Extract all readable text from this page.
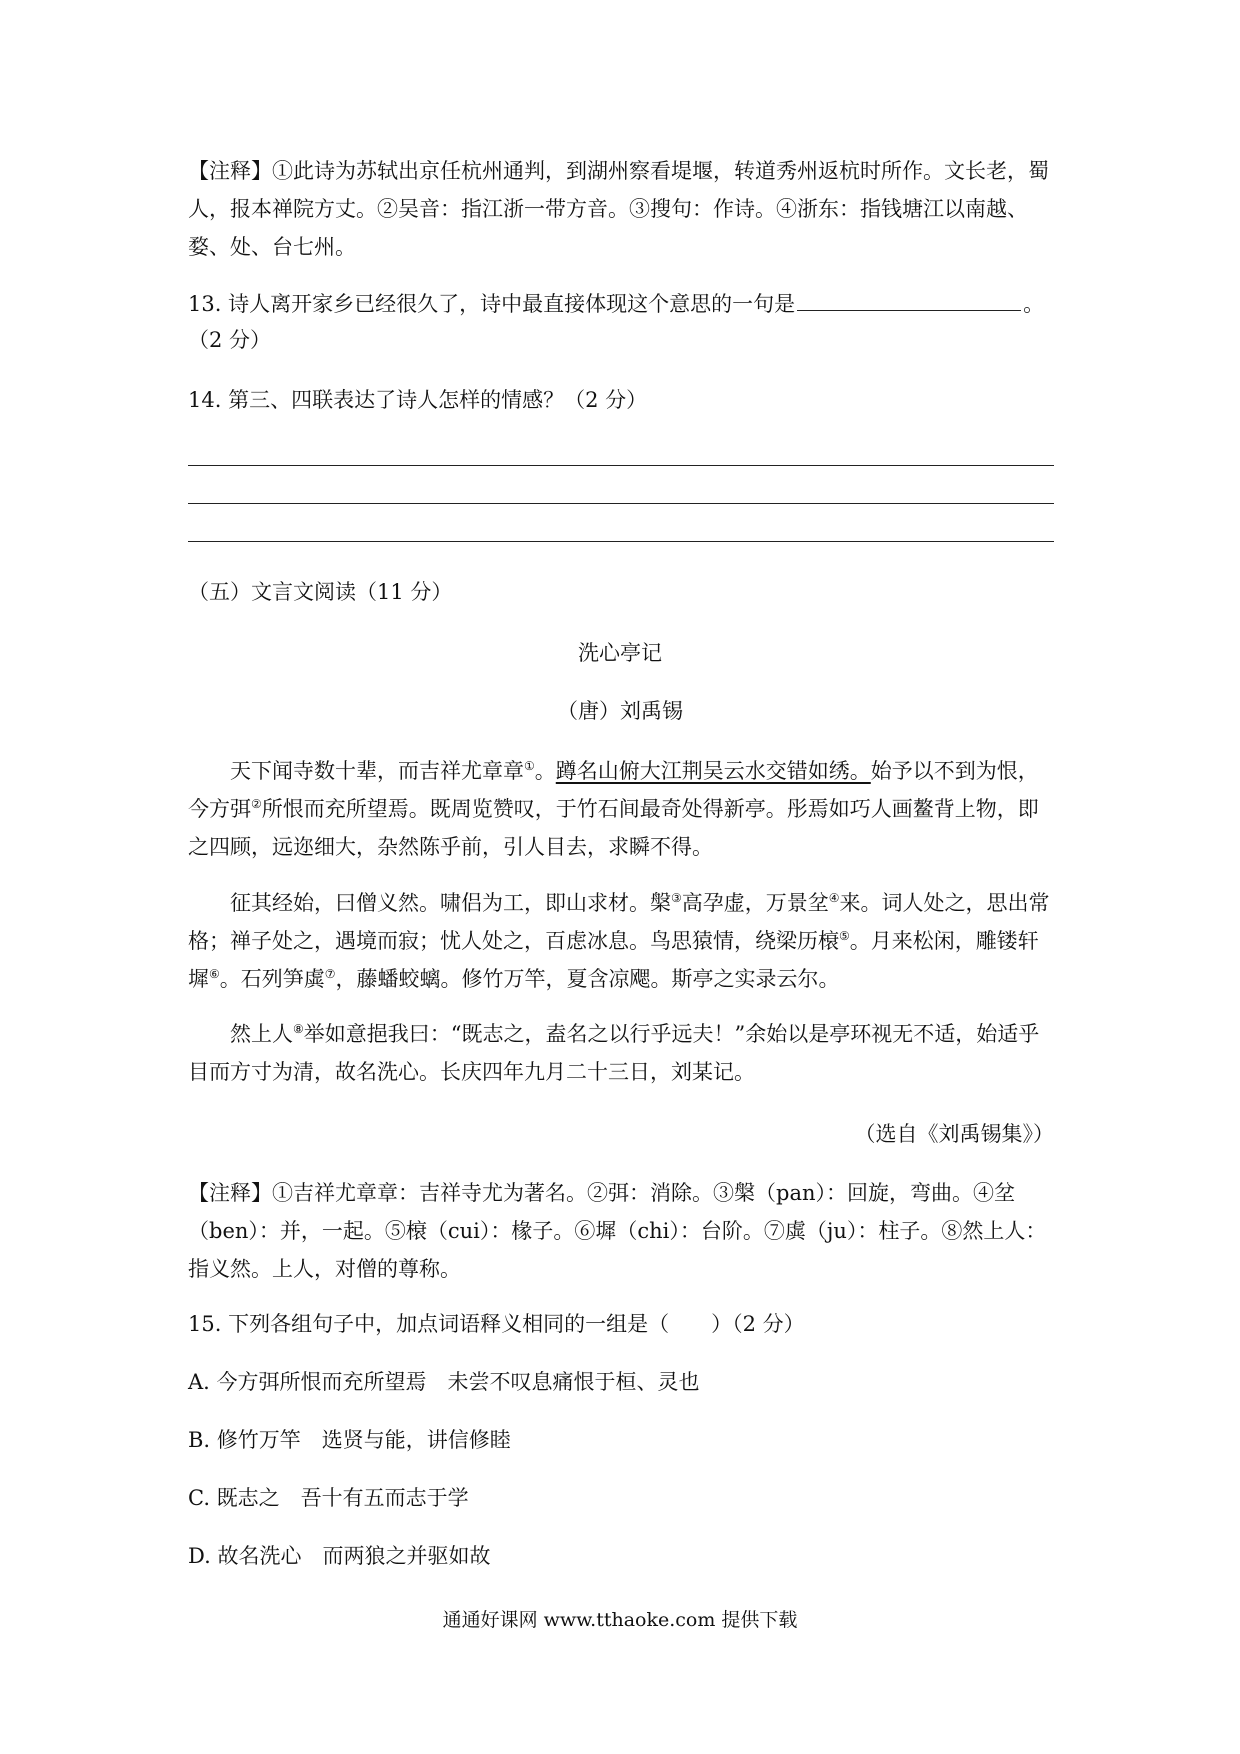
【注释】①此诗为苏轼出京任杭州通判，到湖州察看堤堰，转道秀州返杭时所作。文长老，蜀人，报本禅院方丈。②吴音：指江浙一带方音。③搜句：作诗。④浙东：指钱塘江以南越、婺、处、台七州。

13. 诗人离开家乡已经很久了，诗中最直接体现这个意思的一句是	。
（2 分）
14. 第三、四联表达了诗人怎样的情感？（2 分）
（五）文言文阅读（11 分）
洗心亭记
（唐）刘禹锡

天下闻寺数十辈，而吉祥尤章章①。蹲名山俯大江荆吴云水交错如绣。始予以不到为恨，今方弭②所恨而充所望焉。既周览赞叹，于竹石间最奇处得新亭。彤焉如巧人画鳌背上物，即之四顾，远迩细大，杂然陈乎前，引人目去，求瞬不得。

征其经始，曰僧义然。啸侣为工，即山求材。槃③高孕虚，万景坌④来。词人处之，思出常格；禅子处之，遇境而寂；忧人处之，百虑冰息。鸟思猿情，绕梁历榱⑤。月来松闲，雕镂轩墀⑥。石列笋虡⑦，藤蟠蛟螭。修竹万竿，夏含凉飔。斯亭之实录云尔。

然上人⑧举如意挹我曰：“既志之，盍名之以行乎远夫！”余始以是亭环视无不适，始适乎目而方寸为清，故名洗心。长庆四年九月二十三日，刘某记。

（选自《刘禹锡集》）

【注释】①吉祥尤章章：吉祥寺尤为著名。②弭：消除。③槃（pan）：回旋，弯曲。④坌（ben）：并，一起。⑤榱（cui）：椽子。⑥墀（chi）：台阶。⑦虡（ju）：柱子。⑧然上人：指义然。上人，对僧的尊称。

15. 下列各组句子中，加点词语释义相同的一组是（　　）（2 分）
A. 今方弭所恨而充所望焉　未尝不叹息痛恨于桓、灵也
B. 修竹万竿　选贤与能，讲信修睦
C. 既志之　吾十有五而志于学
D. 故名洗心　而两狼之并驱如故
通通好课网 www.tthaoke.com 提供下载
